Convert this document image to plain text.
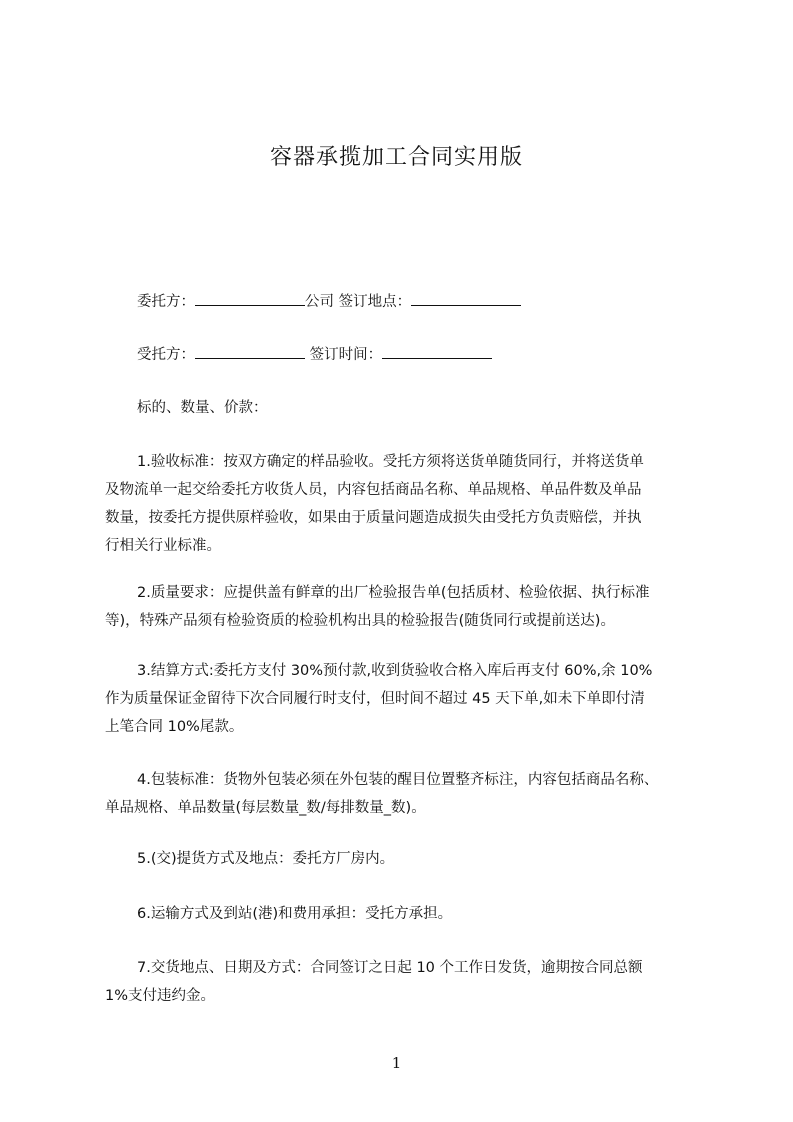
容器承揽加工合同实用版
委托方：	公司 签订地点：
受托方：	签订时间：
标的、数量、价款：
1.验收标准：按双方确定的样品验收。受托方须将送货单随货同行，并将送货单
及物流单一起交给委托方收货人员，内容包括商品名称、单品规格、单品件数及单品
数量，按委托方提供原样验收，如果由于质量问题造成损失由受托方负责赔偿，并执
行相关行业标准。
2.质量要求：应提供盖有鲜章的出厂检验报告单(包括质材、检验依据、执行标准
等)，特殊产品须有检验资质的检验机构出具的检验报告(随货同行或提前送达)。
3.结算方式:委托方支付 30%预付款,收到货验收合格入库后再支付 60%,余 10%
作为质量保证金留待下次合同履行时支付，但时间不超过 45 天下单,如未下单即付清
上笔合同 10%尾款。
4.包装标准：货物外包装必须在外包装的醒目位置整齐标注，内容包括商品名称、
单品规格、单品数量(每层数量_数/每排数量_数)。
5.(交)提货方式及地点：委托方厂房内。
6.运输方式及到站(港)和费用承担：受托方承担。
7.交货地点、日期及方式：合同签订之日起 10 个工作日发货，逾期按合同总额
1%支付违约金。
1
